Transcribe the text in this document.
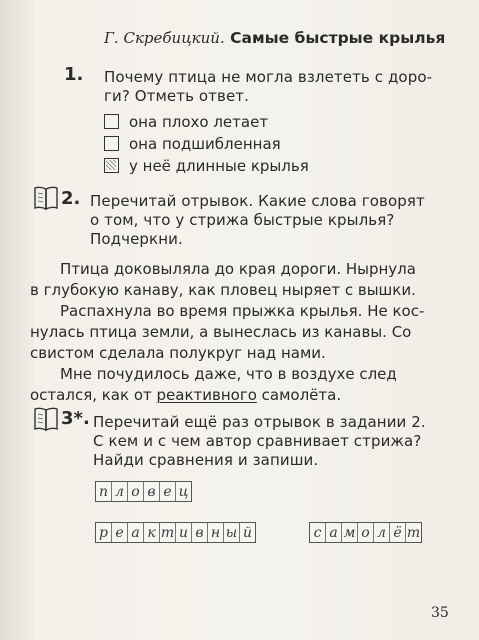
Г. Скребицкий. Самые быстрые крылья
1. Почему птица не могла взлететь с доро-
ги? Отметь ответ.
она плохо летает
она подшибленная
у неё длинные крылья
2. Перечитай отрывок. Какие слова говорят
о том, что у стрижа быстрые крылья?
Подчеркни.
Птица доковыляла до края дороги. Нырнула
в глубокую канаву, как пловец ныряет с вышки.
Распахнула во время прыжка крылья. Не кос-
нулась птица земли, а вынеслась из канавы. Со
свистом сделала полукруг над нами.
Мне почудилось даже, что в воздухе след
остался, как от реактивного самолёта.
3*. Перечитай ещё раз отрывок в задании 2.
С кем и с чем автор сравнивает стрижа?
Найди сравнения и запиши.
п л о в е ц
р е а к т и в н ы й	с а м о л ё т
35
